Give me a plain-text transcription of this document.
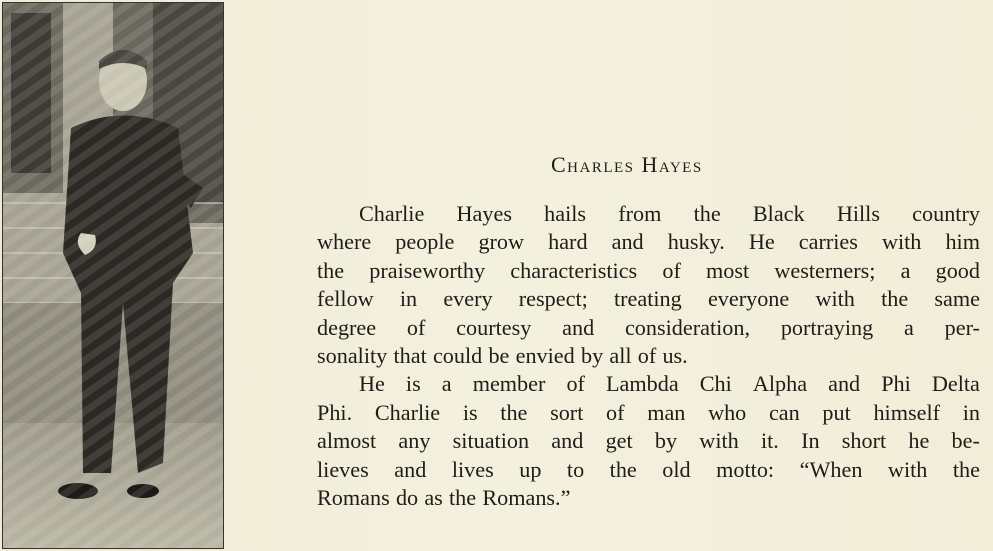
Charles Hayes
Charlie Hayes hails from the Black Hills country
where people grow hard and husky. He carries with him
the praiseworthy characteristics of most westerners; a good
fellow in every respect; treating everyone with the same
degree of courtesy and consideration, portraying a per-
sonality that could be envied by all of us.
He is a member of Lambda Chi Alpha and Phi Delta
Phi. Charlie is the sort of man who can put himself in
almost any situation and get by with it. In short he be-
lieves and lives up to the old motto: “When with the
Romans do as the Romans.”
